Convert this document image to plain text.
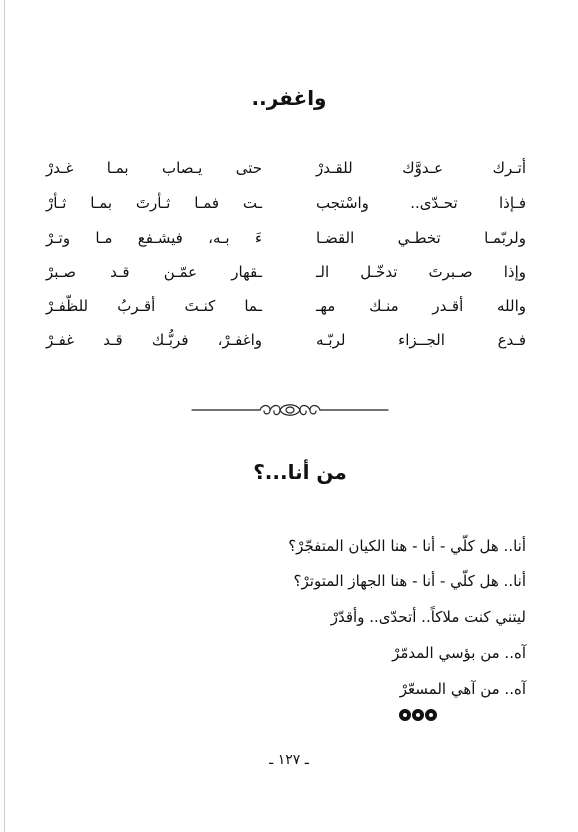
واغفر..
أتـرك عـدوَّك للقـدرْ
حتى يـصاب بمـا غـدرْ
فـإذا تحـدّى.. واسْتجب
ـت فمـا ثـأرتَ بمـا ثـأرْ
ولربّمـا تخطـي القضـا
ءَ بـه، فيشـفع مـا وتـرْ
وإذا صـبرتَ تدخّـل الـ
ـقهار عمّـن قـد صـبرْ
والله أقـدر منـك مهـ
ـما كنـتَ أقـربُ للظّفـرْ
فـدع الجــزاء لربّـه
واغفـرْ، فربُّـك قـد غفـرْ
من أنا...؟
أنا.. هل كلّي - أنا - هنا الكيان المتفجّرْ؟
أنا.. هل كلّي - أنا - هنا الجهاز المتوترْ؟
ليتني كنت ملاكاً.. أتحدّى.. وأقدّرْ
آه.. من بؤسي المدمّرْ
آه.. من آهي المسعّرْ
ـ ١٢٧ ـ
